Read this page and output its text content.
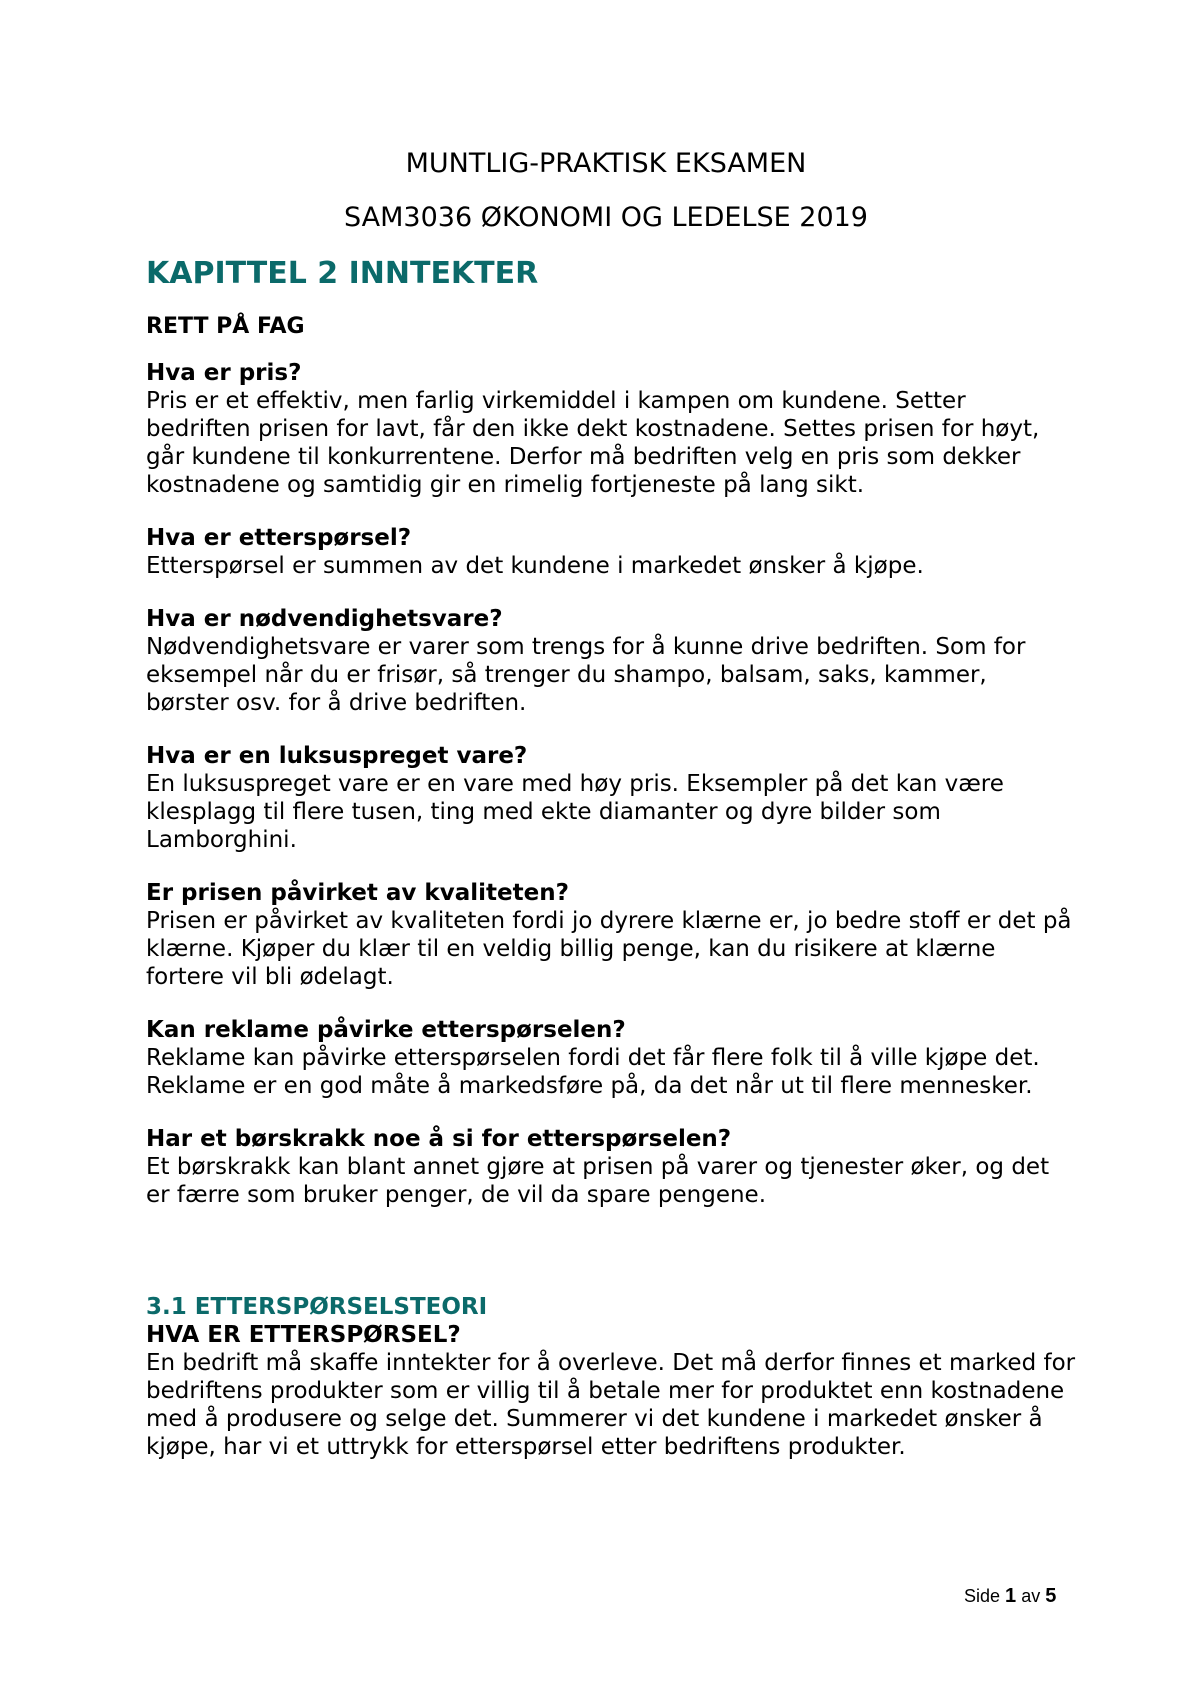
MUNTLIG-PRAKTISK EKSAMEN

SAM3036 ØKONOMI OG LEDELSE 2019

KAPITTEL 2 INNTEKTER
RETT PÅ FAG

Hva er pris?

Pris er et effektiv, men farlig virkemiddel i kampen om kundene. Setter bedriften prisen for lavt, får den ikke dekt kostnadene. Settes prisen for høyt, går kundene til konkurrentene. Derfor må bedriften velg en pris som dekker kostnadene og samtidig gir en rimelig fortjeneste på lang sikt.

Hva er etterspørsel?

Etterspørsel er summen av det kundene i markedet ønsker å kjøpe.

Hva er nødvendighetsvare?

Nødvendighetsvare er varer som trengs for å kunne drive bedriften. Som for eksempel når du er frisør, så trenger du shampo, balsam, saks, kammer, børster osv. for å drive bedriften.

Hva er en luksuspreget vare?

En luksuspreget vare er en vare med høy pris. Eksempler på det kan være klesplagg til flere tusen, ting med ekte diamanter og dyre bilder som Lamborghini.

Er prisen påvirket av kvaliteten?

Prisen er påvirket av kvaliteten fordi jo dyrere klærne er, jo bedre stoff er det på klærne. Kjøper du klær til en veldig billig penge, kan du risikere at klærne fortere vil bli ødelagt.

Kan reklame påvirke etterspørselen?

Reklame kan påvirke etterspørselen fordi det får flere folk til å ville kjøpe det. Reklame er en god måte å markedsføre på, da det når ut til flere mennesker.

Har et børskrakk noe å si for etterspørselen?

Et børskrakk kan blant annet gjøre at prisen på varer og tjenester øker, og det er færre som bruker penger, de vil da spare pengene.

3.1 ETTERSPØRSELSTEORI

HVA ER ETTERSPØRSEL?

En bedrift må skaffe inntekter for å overleve. Det må derfor finnes et marked for bedriftens produkter som er villig til å betale mer for produktet enn kostnadene med å produsere og selge det. Summerer vi det kundene i markedet ønsker å kjøpe, har vi et uttrykk for etterspørsel etter bedriftens produkter.

Side 1 av 5
